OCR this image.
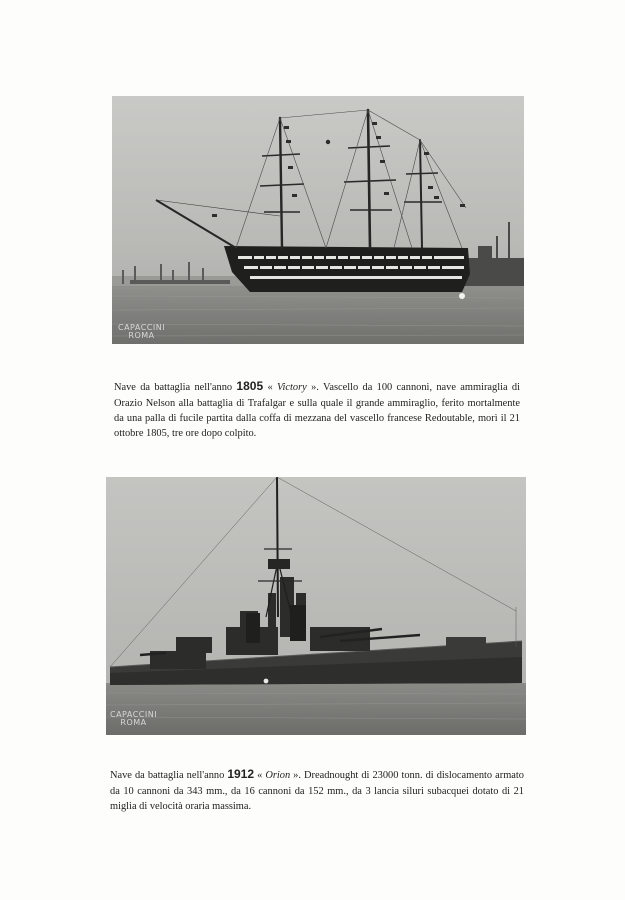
CAPACCINI
ROMA

Nave da battaglia nell'anno 1805 « Victory ». Vascello da 100 cannoni, nave ammiraglia di Orazio Nelson alla battaglia di Trafalgar e sulla quale il grande ammiraglio, ferito mortalmente da una palla di fucile partita dalla coffa di mezzana del vascello francese Redoutable, morì il 21 ottobre 1805, tre ore dopo colpito.

CAPACCINI
ROMA

Nave da battaglia nell'anno 1912 « Orion ». Dreadnought di 23000 tonn. di dislocamento armato da 10 cannoni da 343 mm., da 16 cannoni da 152 mm., da 3 lancia siluri subacquei dotato di 21 miglia di velocità oraria massima.
